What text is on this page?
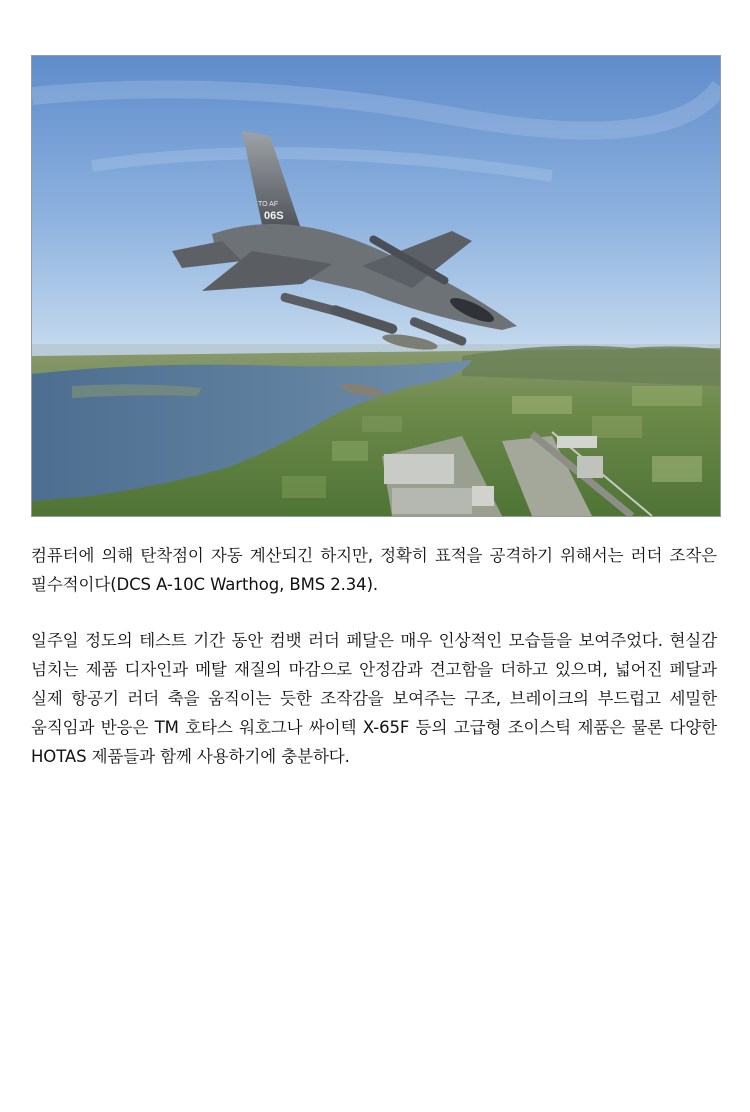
TO AF
06S

컴퓨터에 의해 탄착점이 자동 계산되긴 하지만, 정확히 표적을 공격하기 위해서는 러더 조작은 필수적이다(DCS A-10C Warthog, BMS 2.34).

일주일 정도의 테스트 기간 동안 컴뱃 러더 페달은 매우 인상적인 모습들을 보여주었다. 현실감 넘치는 제품 디자인과 메탈 재질의 마감으로 안정감과 견고함을 더하고 있으며, 넓어진 페달과 실제 항공기 러더 축을 움직이는 듯한 조작감을 보여주는 구조, 브레이크의 부드럽고 세밀한 움직임과 반응은 TM 호타스 워호그나 싸이텍 X-65F 등의 고급형 조이스틱 제품은 물론 다양한 HOTAS 제품들과 함께 사용하기에 충분하다.
